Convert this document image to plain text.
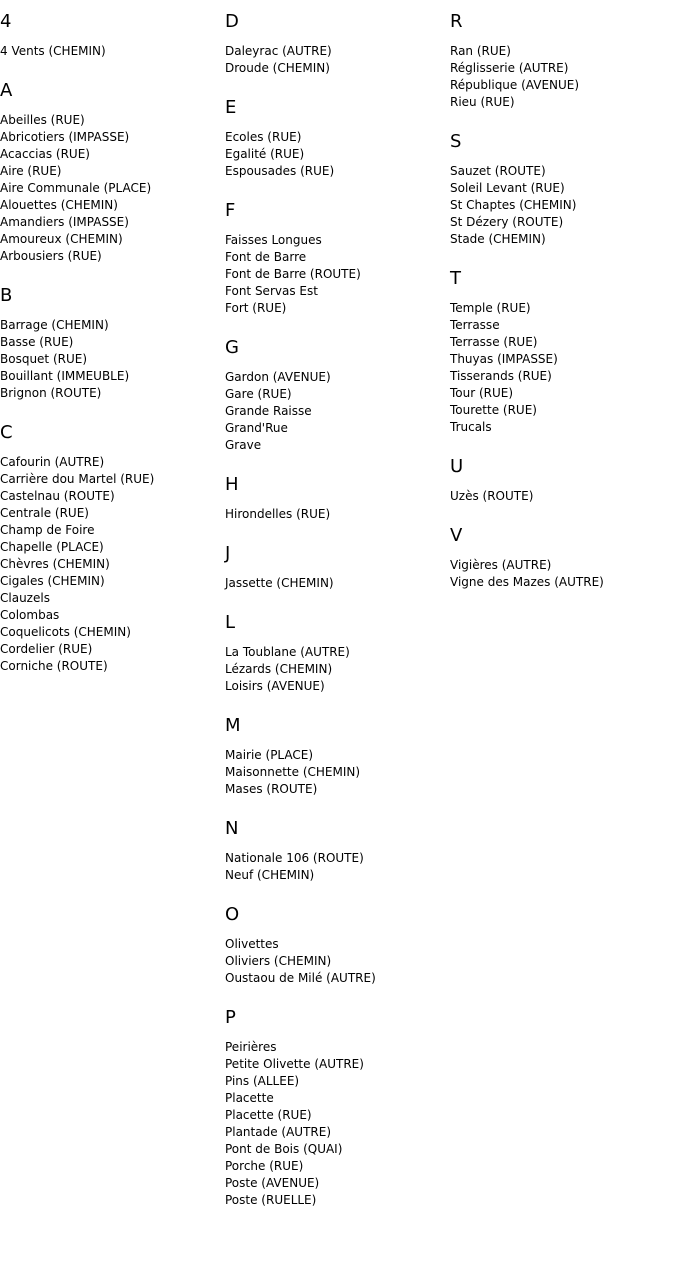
4
4 Vents (CHEMIN)
A
Abeilles (RUE)
Abricotiers (IMPASSE)
Acaccias (RUE)
Aire (RUE)
Aire Communale (PLACE)
Alouettes (CHEMIN)
Amandiers (IMPASSE)
Amoureux (CHEMIN)
Arbousiers (RUE)
B
Barrage (CHEMIN)
Basse (RUE)
Bosquet (RUE)
Bouillant (IMMEUBLE)
Brignon (ROUTE)
C
Cafourin (AUTRE)
Carrière dou Martel (RUE)
Castelnau (ROUTE)
Centrale (RUE)
Champ de Foire
Chapelle (PLACE)
Chèvres (CHEMIN)
Cigales (CHEMIN)
Clauzels
Colombas
Coquelicots (CHEMIN)
Cordelier (RUE)
Corniche (ROUTE)
D
Daleyrac (AUTRE)
Droude (CHEMIN)
E
Ecoles (RUE)
Egalité (RUE)
Espousades (RUE)
F
Faisses Longues
Font de Barre
Font de Barre (ROUTE)
Font Servas Est
Fort (RUE)
G
Gardon (AVENUE)
Gare (RUE)
Grande Raisse
Grand'Rue
Grave
H
Hirondelles (RUE)
J
Jassette (CHEMIN)
L
La Toublane (AUTRE)
Lézards (CHEMIN)
Loisirs (AVENUE)
M
Mairie (PLACE)
Maisonnette (CHEMIN)
Mases (ROUTE)
N
Nationale 106 (ROUTE)
Neuf (CHEMIN)
O
Olivettes
Oliviers (CHEMIN)
Oustaou de Milé (AUTRE)
P
Peirières
Petite Olivette (AUTRE)
Pins (ALLEE)
Placette
Placette (RUE)
Plantade (AUTRE)
Pont de Bois (QUAI)
Porche (RUE)
Poste (AVENUE)
Poste (RUELLE)
R
Ran (RUE)
Réglisserie (AUTRE)
République (AVENUE)
Rieu (RUE)
S
Sauzet (ROUTE)
Soleil Levant (RUE)
St Chaptes (CHEMIN)
St Dézery (ROUTE)
Stade (CHEMIN)
T
Temple (RUE)
Terrasse
Terrasse (RUE)
Thuyas (IMPASSE)
Tisserands (RUE)
Tour (RUE)
Tourette (RUE)
Trucals
U
Uzès (ROUTE)
V
Vigières (AUTRE)
Vigne des Mazes (AUTRE)
